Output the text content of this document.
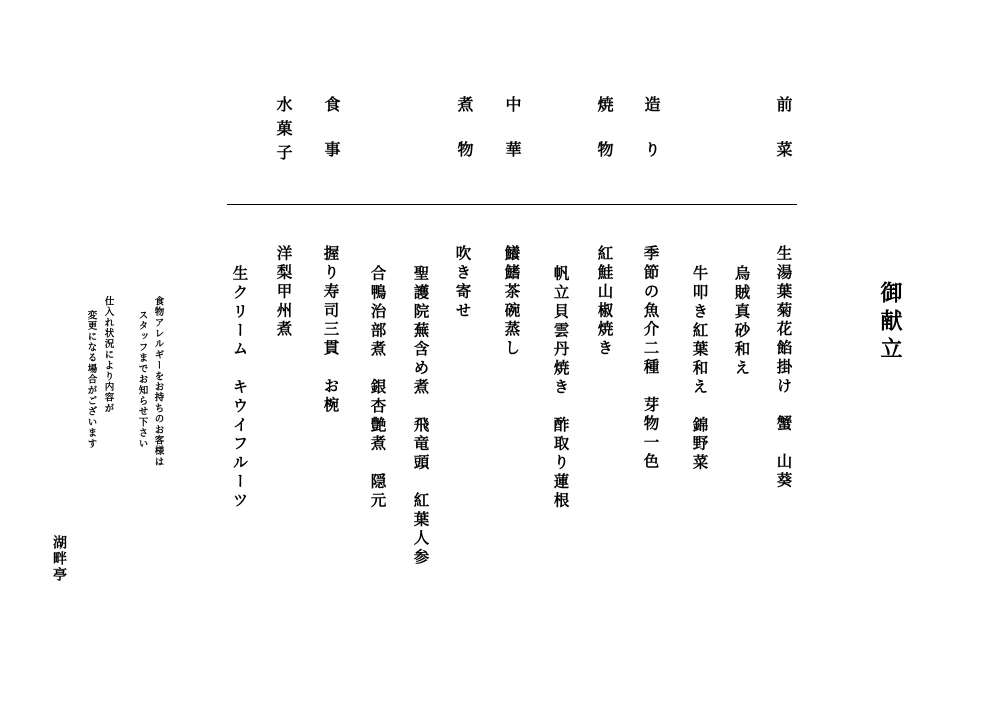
御献立
前菜
造り
焼物
中華
煮物
食事
水菓子
生湯葉菊花餡掛け　蟹　山葵
烏賊真砂和え
牛叩き紅葉和え　錦野菜
季節の魚介二種　芽物一色
紅鮭山椒焼き
帆立貝雲丹焼き　酢取り蓮根
鱶鰭茶碗蒸し
吹き寄せ
聖護院蕪含め煮　飛竜頭　紅葉人参
合鴨治部煮　銀杏艶煮　隠元
握り寿司三貫　お椀
洋梨甲州煮
生クリーム　キウイフルーツ
食物アレルギーをお持ちのお客様は
スタッフまでお知らせ下さい
仕入れ状況により内容が
変更になる場合がございます
湖畔亭
